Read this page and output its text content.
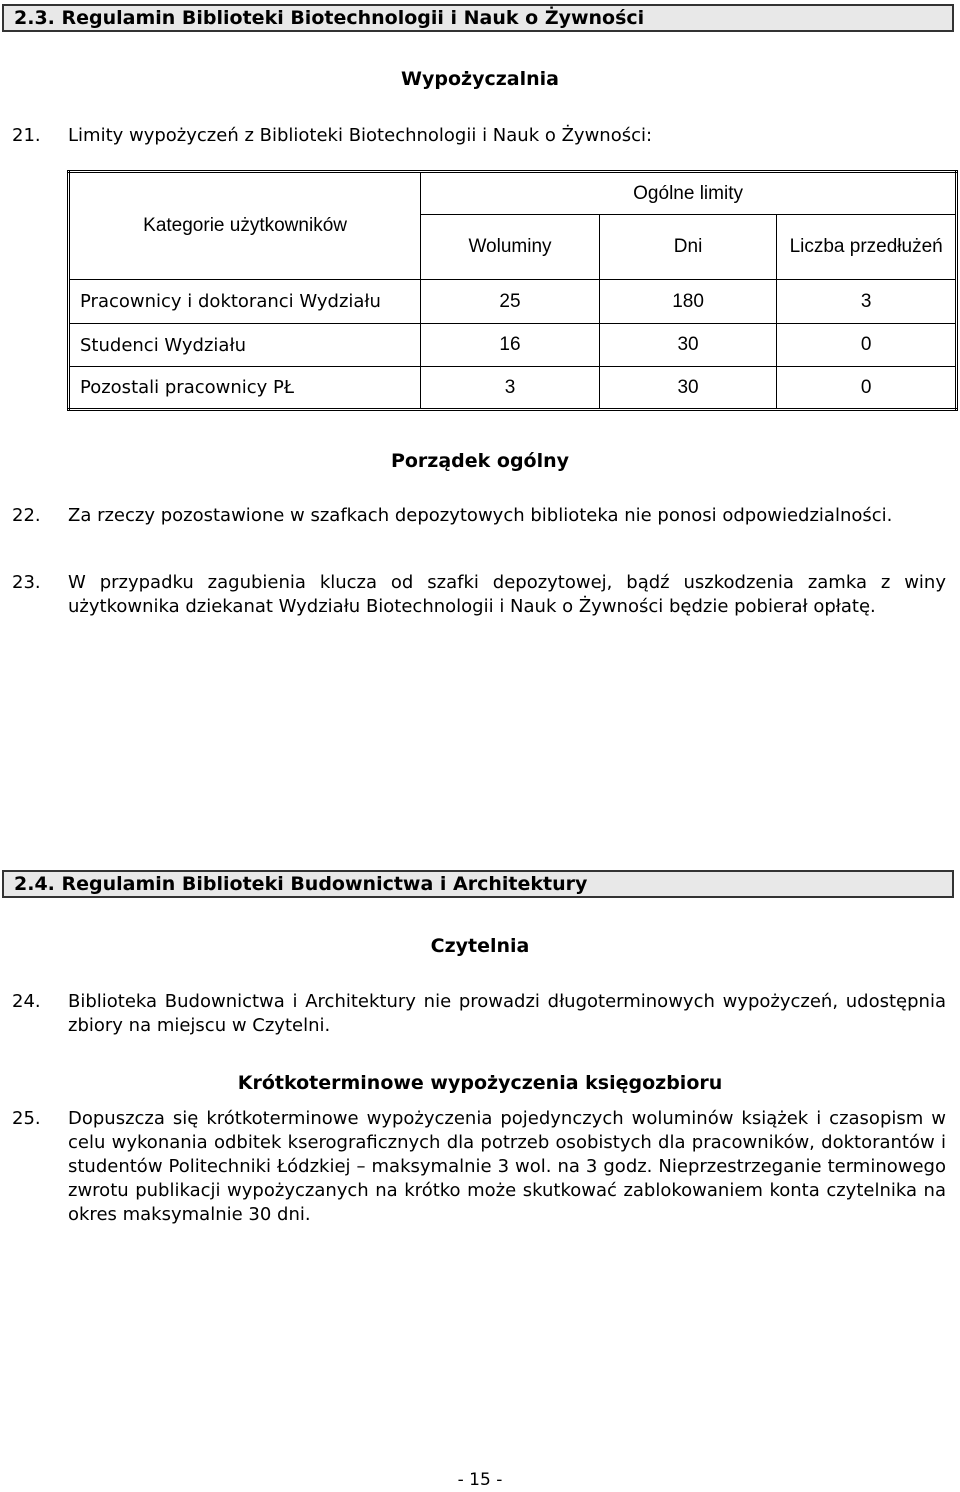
2.3. Regulamin Biblioteki Biotechnologii i Nauk o Żywności
Wypożyczalnia
21. Limity wypożyczeń z Biblioteki Biotechnologii i Nauk o Żywności:
Kategorie użytkowników	Ogólne limity		
	Woluminy	Dni	Liczba przedłużeń
Pracownicy i doktoranci Wydziału	25	180	3
Studenci Wydziału	16	30	0
Pozostali pracownicy PŁ	3	30	0
Porządek ogólny
22.	Za rzeczy pozostawione w szafkach depozytowych biblioteka nie ponosi odpowiedzialności.
23.	W przypadku zagubienia klucza od szafki depozytowej, bądź uszkodzenia zamka z winy użytkownika dziekanat Wydziału Biotechnologii i Nauk o Żywności będzie pobierał opłatę.
2.4. Regulamin Biblioteki Budownictwa i Architektury
Czytelnia
24.	Biblioteka Budownictwa i Architektury nie prowadzi długoterminowych wypożyczeń, udostępnia zbiory na miejscu w Czytelni.
Krótkoterminowe wypożyczenia księgozbioru
25.	Dopuszcza się krótkoterminowe wypożyczenia pojedynczych woluminów książek i czasopism w celu wykonania odbitek kserograficznych dla potrzeb osobistych dla pracowników, doktorantów i studentów Politechniki Łódzkiej – maksymalnie 3 wol. na 3 godz. Nieprzestrzeganie terminowego zwrotu publikacji wypożyczanych na krótko może skutkować zablokowaniem konta czytelnika na okres maksymalnie 30 dni.
- 15 -
